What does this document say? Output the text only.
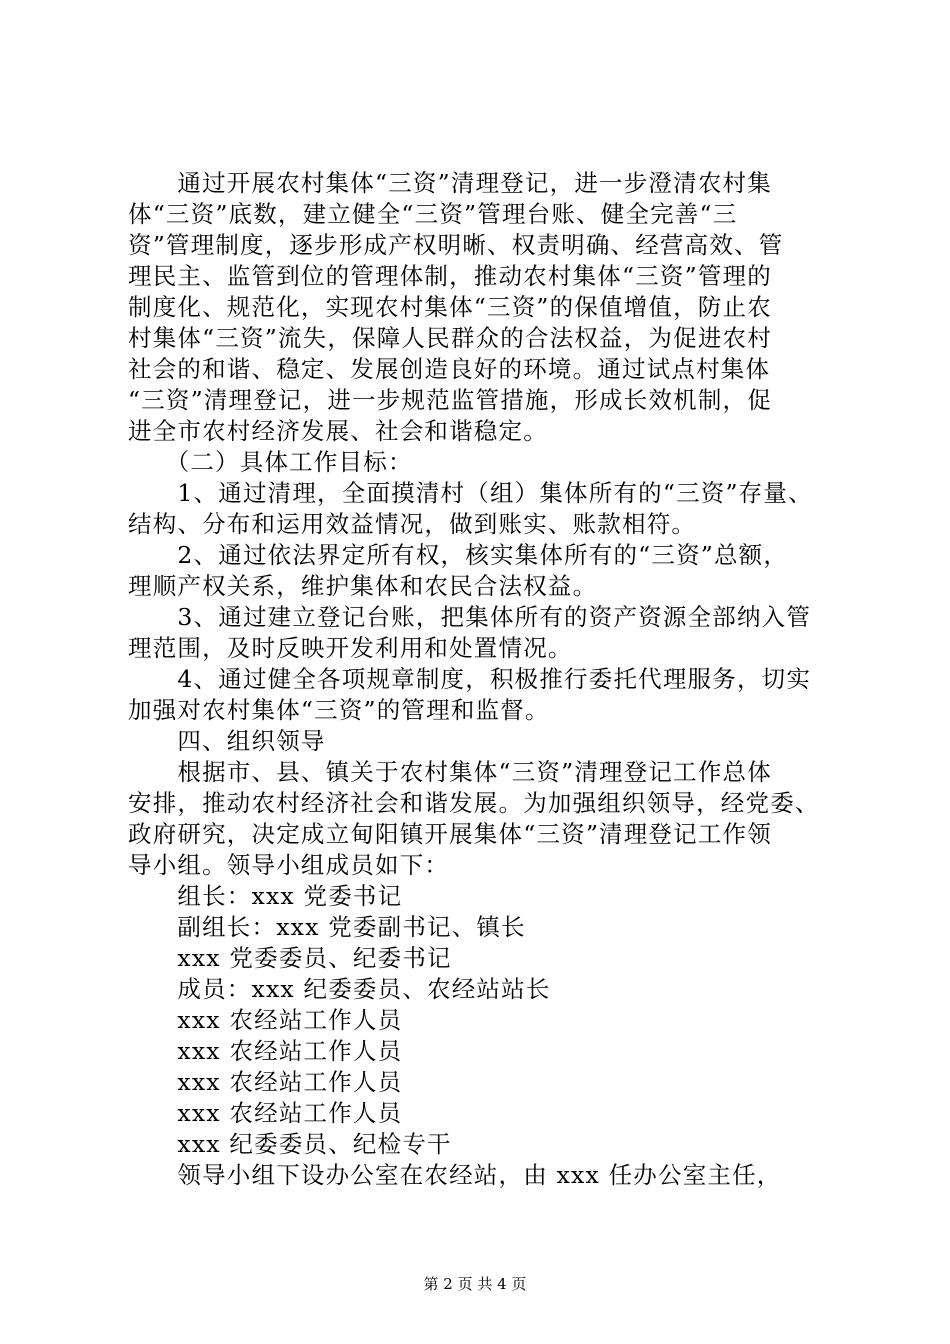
　　通过开展农村集体“三资”清理登记，进一步澄清农村集
体“三资”底数，建立健全“三资”管理台账、健全完善“三
资”管理制度，逐步形成产权明晰、权责明确、经营高效、管
理民主、监管到位的管理体制，推动农村集体“三资”管理的
制度化、规范化，实现农村集体“三资”的保值增值，防止农
村集体“三资”流失，保障人民群众的合法权益，为促进农村
社会的和谐、稳定、发展创造良好的环境。通过试点村集体
“三资”清理登记，进一步规范监管措施，形成长效机制，促
进全市农村经济发展、社会和谐稳定。
　　（二）具体工作目标：
　　1、通过清理，全面摸清村（组）集体所有的“三资”存量、
结构、分布和运用效益情况，做到账实、账款相符。
　　2、通过依法界定所有权，核实集体所有的“三资”总额，
理顺产权关系，维护集体和农民合法权益。
　　3、通过建立登记台账，把集体所有的资产资源全部纳入管
理范围，及时反映开发利用和处置情况。
　　4、通过健全各项规章制度，积极推行委托代理服务，切实
加强对农村集体“三资”的管理和监督。
　　四、组织领导
　　根据市、县、镇关于农村集体“三资”清理登记工作总体
安排，推动农村经济社会和谐发展。为加强组织领导，经党委、
政府研究，决定成立甸阳镇开展集体“三资”清理登记工作领
导小组。领导小组成员如下：
　　组长：xxx 党委书记
　　副组长：xxx 党委副书记、镇长
　　xxx 党委委员、纪委书记
　　成员：xxx 纪委委员、农经站站长
　　xxx 农经站工作人员
　　xxx 农经站工作人员
　　xxx 农经站工作人员
　　xxx 农经站工作人员
　　xxx 纪委委员、纪检专干
　　领导小组下设办公室在农经站，由 xxx 任办公室主任，
第 2 页 共 4 页
